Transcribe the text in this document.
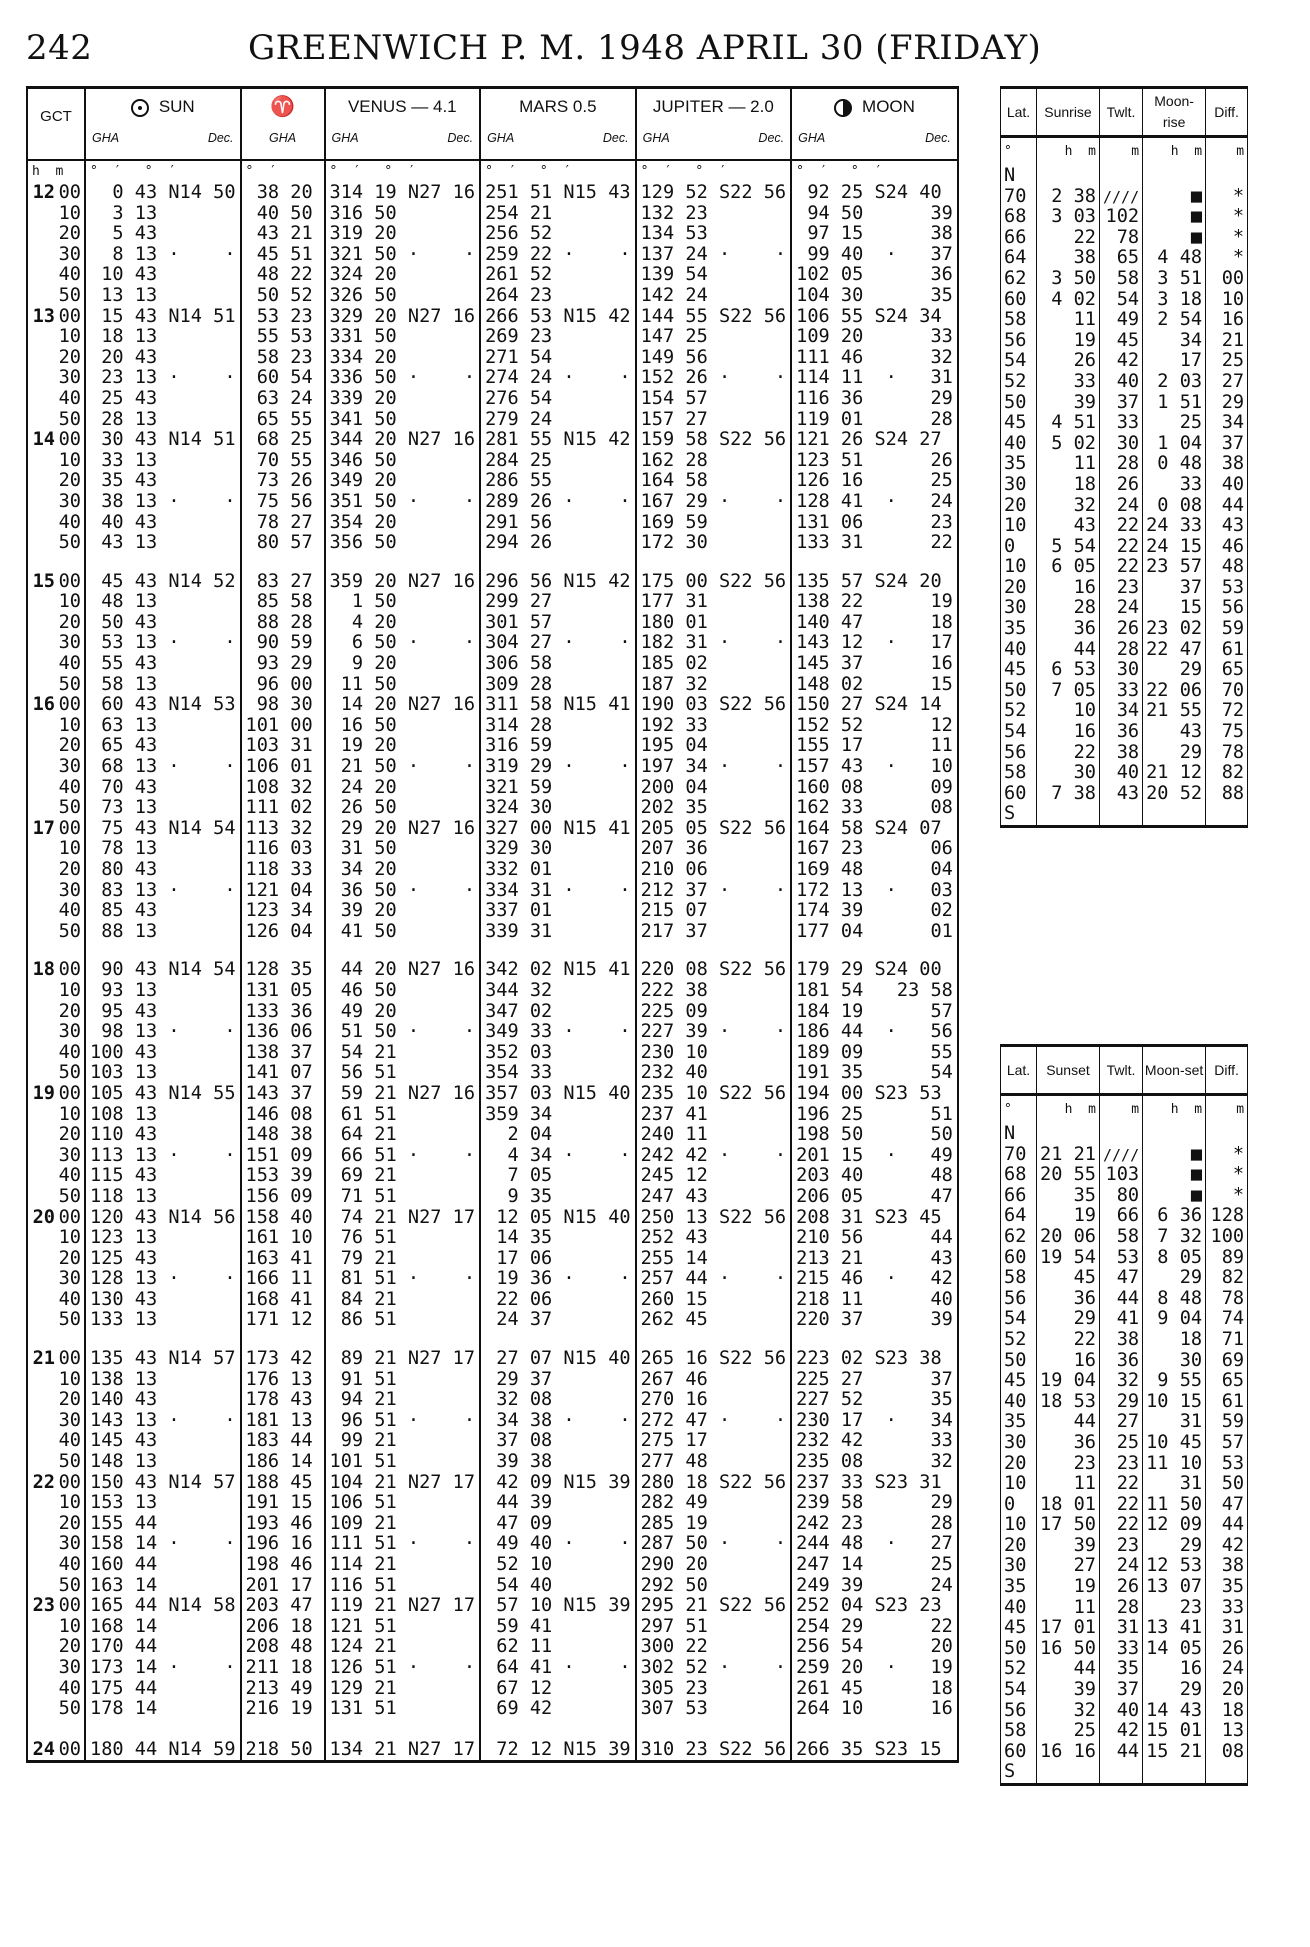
242	GREENWICH P. M. 1948 APRIL 30 (FRIDAY)
GCT	SUN
GHA Dec.	♈
GHA	VENUS — 4.1
GHA Dec.	MARS 0.5
GHA Dec.	JUPITER — 2.0
GHA Dec.	MOON
GHA Dec.

h  m	°  ′   °  ′	°  ′	°  ′   °  ′	°  ′   °  ′	°  ′   °  ′	°  ′   °  ′
12 00	0 43 N14 50	38 20	314 19 N27 16	251 51 N15 43	129 52 S22 56	92 25 S24 40
10	3 13	40 50	316 50	254 21	132 23	94 50      39
20	5 43	43 21	319 20	256 52	134 53	97 15      38
30	8 13 ·    ·	45 51	321 50 ·    ·	259 22 ·    ·	137 24 ·    ·	99 40  ·   37
40	10 43	48 22	324 20	261 52	139 54	102 05      36
50	13 13	50 52	326 50	264 23	142 24	104 30      35
13 00	15 43 N14 51	53 23	329 20 N27 16	266 53 N15 42	144 55 S22 56	106 55 S24 34
10	18 13	55 53	331 50	269 23	147 25	109 20      33
20	20 43	58 23	334 20	271 54	149 56	111 46      32
30	23 13 ·    ·	60 54	336 50 ·    ·	274 24 ·    ·	152 26 ·    ·	114 11  ·   31
40	25 43	63 24	339 20	276 54	154 57	116 36      29
50	28 13	65 55	341 50	279 24	157 27	119 01      28
14 00	30 43 N14 51	68 25	344 20 N27 16	281 55 N15 42	159 58 S22 56	121 26 S24 27
10	33 13	70 55	346 50	284 25	162 28	123 51      26
20	35 43	73 26	349 20	286 55	164 58	126 16      25
30	38 13 ·    ·	75 56	351 50 ·    ·	289 26 ·    ·	167 29 ·    ·	128 41  ·   24
40	40 43	78 27	354 20	291 56	169 59	131 06      23
50	43 13	80 57	356 50	294 26	172 30	133 31      22

15 00	45 43 N14 52	83 27	359 20 N27 16	296 56 N15 42	175 00 S22 56	135 57 S24 20
10	48 13	85 58	1 50	299 27	177 31	138 22      19
20	50 43	88 28	4 20	301 57	180 01	140 47      18
30	53 13 ·    ·	90 59	6 50 ·    ·	304 27 ·    ·	182 31 ·    ·	143 12  ·   17
40	55 43	93 29	9 20	306 58	185 02	145 37      16
50	58 13	96 00	11 50	309 28	187 32	148 02      15
16 00	60 43 N14 53	98 30	14 20 N27 16	311 58 N15 41	190 03 S22 56	150 27 S24 14
10	63 13	101 00	16 50	314 28	192 33	152 52      12
20	65 43	103 31	19 20	316 59	195 04	155 17      11
30	68 13 ·    ·	106 01	21 50 ·    ·	319 29 ·    ·	197 34 ·    ·	157 43  ·   10
40	70 43	108 32	24 20	321 59	200 04	160 08      09
50	73 13	111 02	26 50	324 30	202 35	162 33      08
17 00	75 43 N14 54	113 32	29 20 N27 16	327 00 N15 41	205 05 S22 56	164 58 S24 07
10	78 13	116 03	31 50	329 30	207 36	167 23      06
20	80 43	118 33	34 20	332 01	210 06	169 48      04
30	83 13 ·    ·	121 04	36 50 ·    ·	334 31 ·    ·	212 37 ·    ·	172 13  ·   03
40	85 43	123 34	39 20	337 01	215 07	174 39      02
50	88 13	126 04	41 50	339 31	217 37	177 04      01

18 00	90 43 N14 54	128 35	44 20 N27 16	342 02 N15 41	220 08 S22 56	179 29 S24 00
10	93 13	131 05	46 50	344 32	222 38	181 54   23 58
20	95 43	133 36	49 20	347 02	225 09	184 19      57
30	98 13 ·    ·	136 06	51 50 ·    ·	349 33 ·    ·	227 39 ·    ·	186 44  ·   56
40	100 43	138 37	54 21	352 03	230 10	189 09      55
50	103 13	141 07	56 51	354 33	232 40	191 35      54
19 00	105 43 N14 55	143 37	59 21 N27 16	357 03 N15 40	235 10 S22 56	194 00 S23 53
10	108 13	146 08	61 51	359 34	237 41	196 25      51
20	110 43	148 38	64 21	2 04	240 11	198 50      50
30	113 13 ·    ·	151 09	66 51 ·    ·	4 34 ·    ·	242 42 ·    ·	201 15  ·   49
40	115 43	153 39	69 21	7 05	245 12	203 40      48
50	118 13	156 09	71 51	9 35	247 43	206 05      47
20 00	120 43 N14 56	158 40	74 21 N27 17	12 05 N15 40	250 13 S22 56	208 31 S23 45
10	123 13	161 10	76 51	14 35	252 43	210 56      44
20	125 43	163 41	79 21	17 06	255 14	213 21      43
30	128 13 ·    ·	166 11	81 51 ·    ·	19 36 ·    ·	257 44 ·    ·	215 46  ·   42
40	130 43	168 41	84 21	22 06	260 15	218 11      40
50	133 13	171 12	86 51	24 37	262 45	220 37      39

21 00	135 43 N14 57	173 42	89 21 N27 17	27 07 N15 40	265 16 S22 56	223 02 S23 38
10	138 13	176 13	91 51	29 37	267 46	225 27      37
20	140 43	178 43	94 21	32 08	270 16	227 52      35
30	143 13 ·    ·	181 13	96 51 ·    ·	34 38 ·    ·	272 47 ·    ·	230 17  ·   34
40	145 43	183 44	99 21	37 08	275 17	232 42      33
50	148 13	186 14	101 51	39 38	277 48	235 08      32
22 00	150 43 N14 57	188 45	104 21 N27 17	42 09 N15 39	280 18 S22 56	237 33 S23 31
10	153 13	191 15	106 51	44 39	282 49	239 58      29
20	155 44	193 46	109 21	47 09	285 19	242 23      28
30	158 14 ·    ·	196 16	111 51 ·    ·	49 40 ·    ·	287 50 ·    ·	244 48  ·   27
40	160 44	198 46	114 21	52 10	290 20	247 14      25
50	163 14	201 17	116 51	54 40	292 50	249 39      24
23 00	165 44 N14 58	203 47	119 21 N27 17	57 10 N15 39	295 21 S22 56	252 04 S23 23
10	168 14	206 18	121 51	59 41	297 51	254 29      22
20	170 44	208 48	124 21	62 11	300 22	256 54      20
30	173 14 ·    ·	211 18	126 51 ·    ·	64 41 ·    ·	302 52 ·    ·	259 20  ·   19
40	175 44	213 49	129 21	67 12	305 23	261 45      18
50	178 14	216 19	131 51	69 42	307 53	264 10      16

24 00	180 44 N14 59	218 50	134 21 N27 17	72 12 N15 39	310 23 S22 56	266 35 S23 15
Lat.	Sunrise	Twlt.	Moon-rise	Diff.
°	h  m	m	h  m	m
N				
70	2 38	////	■	*
68	3 03	102	■	*
66	22	78	■	*
64	38	65	4 48	*
62	3 50	58	3 51	00
60	4 02	54	3 18	10
58	11	49	2 54	16
56	19	45	34	21
54	26	42	17	25
52	33	40	2 03	27
50	39	37	1 51	29
45	4 51	33	25	34
40	5 02	30	1 04	37
35	11	28	0 48	38
30	18	26	33	40
20	32	24	0 08	44
10	43	22	24 33	43

0	5 54	22	24 15	46

10	6 05	22	23 57	48
20	16	23	37	53
30	28	24	15	56
35	36	26	23 02	59
40	44	28	22 47	61
45	6 53	30	29	65
50	7 05	33	22 06	70
52	10	34	21 55	72
54	16	36	43	75
56	22	38	29	78
58	30	40	21 12	82
60	7 38	43	20 52	88
S				
Lat.	Sunset	Twlt.	Moon-set	Diff.
°	h  m	m	h  m	m
N				
70	21 21	////	■	*
68	20 55	103	■	*
66	35	80	■	*
64	19	66	6 36	128
62	20 06	58	7 32	100
60	19 54	53	8 05	89
58	45	47	29	82
56	36	44	8 48	78
54	29	41	9 04	74
52	22	38	18	71
50	16	36	30	69
45	19 04	32	9 55	65
40	18 53	29	10 15	61
35	44	27	31	59
30	36	25	10 45	57
20	23	23	11 10	53
10	11	22	31	50

0	18 01	22	11 50	47

10	17 50	22	12 09	44
20	39	23	29	42
30	27	24	12 53	38
35	19	26	13 07	35
40	11	28	23	33
45	17 01	31	13 41	31
50	16 50	33	14 05	26
52	44	35	16	24
54	39	37	29	20
56	32	40	14 43	18
58	25	42	15 01	13
60	16 16	44	15 21	08
S				
